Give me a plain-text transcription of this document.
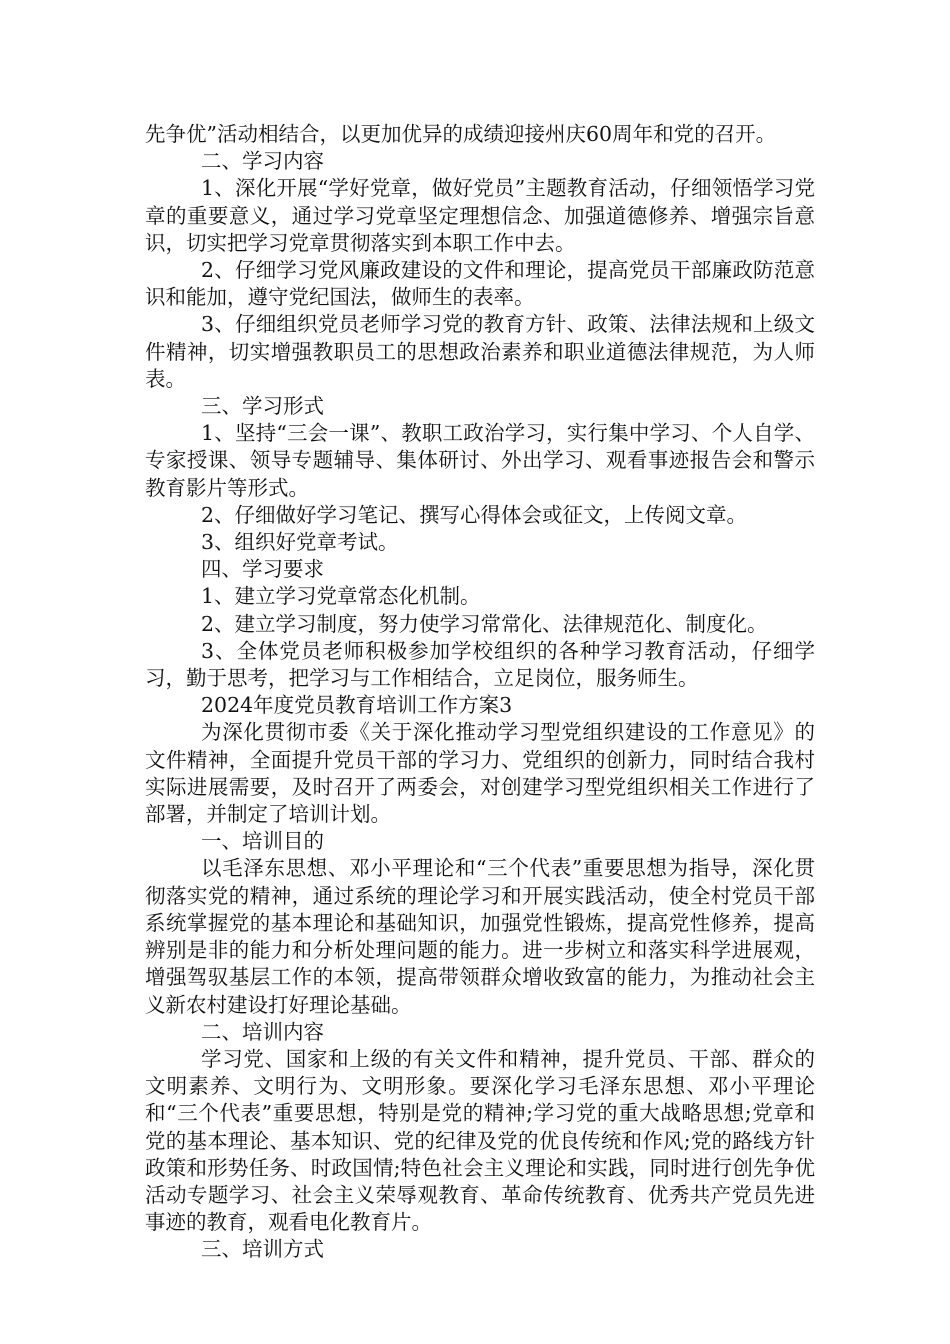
先争优”活动相结合，以更加优异的成绩迎接州庆60周年和党的召开。

二、学习内容

1、深化开展“学好党章，做好党员”主题教育活动，仔细领悟学习党章的重要意义，通过学习党章坚定理想信念、加强道德修养、增强宗旨意识，切实把学习党章贯彻落实到本职工作中去。

2、仔细学习党风廉政建设的文件和理论，提高党员干部廉政防范意识和能加，遵守党纪国法，做师生的表率。

3、仔细组织党员老师学习党的教育方针、政策、法律法规和上级文件精神，切实增强教职员工的思想政治素养和职业道德法律规范，为人师表。

三、学习形式

1、坚持“三会一课”、教职工政治学习，实行集中学习、个人自学、专家授课、领导专题辅导、集体研讨、外出学习、观看事迹报告会和警示教育影片等形式。

2、仔细做好学习笔记、撰写心得体会或征文，上传阅文章。

3、组织好党章考试。

四、学习要求

1、建立学习党章常态化机制。

2、建立学习制度，努力使学习常常化、法律规范化、制度化。

3、全体党员老师积极参加学校组织的各种学习教育活动，仔细学习，勤于思考，把学习与工作相结合，立足岗位，服务师生。

2024年度党员教育培训工作方案3

为深化贯彻市委《关于深化推动学习型党组织建设的工作意见》的文件精神，全面提升党员干部的学习力、党组织的创新力，同时结合我村实际进展需要，及时召开了两委会，对创建学习型党组织相关工作进行了部署，并制定了培训计划。

一、培训目的

以毛泽东思想、邓小平理论和“三个代表”重要思想为指导，深化贯彻落实党的精神，通过系统的理论学习和开展实践活动，使全村党员干部系统掌握党的基本理论和基础知识，加强党性锻炼，提高党性修养，提高辨别是非的能力和分析处理问题的能力。进一步树立和落实科学进展观，增强驾驭基层工作的本领，提高带领群众增收致富的能力，为推动社会主义新农村建设打好理论基础。

二、培训内容

学习党、国家和上级的有关文件和精神，提升党员、干部、群众的文明素养、文明行为、文明形象。要深化学习毛泽东思想、邓小平理论和“三个代表”重要思想，特别是党的精神;学习党的重大战略思想;党章和党的基本理论、基本知识、党的纪律及党的优良传统和作风;党的路线方针政策和形势任务、时政国情;特色社会主义理论和实践，同时进行创先争优活动专题学习、社会主义荣辱观教育、革命传统教育、优秀共产党员先进事迹的教育，观看电化教育片。

三、培训方式
